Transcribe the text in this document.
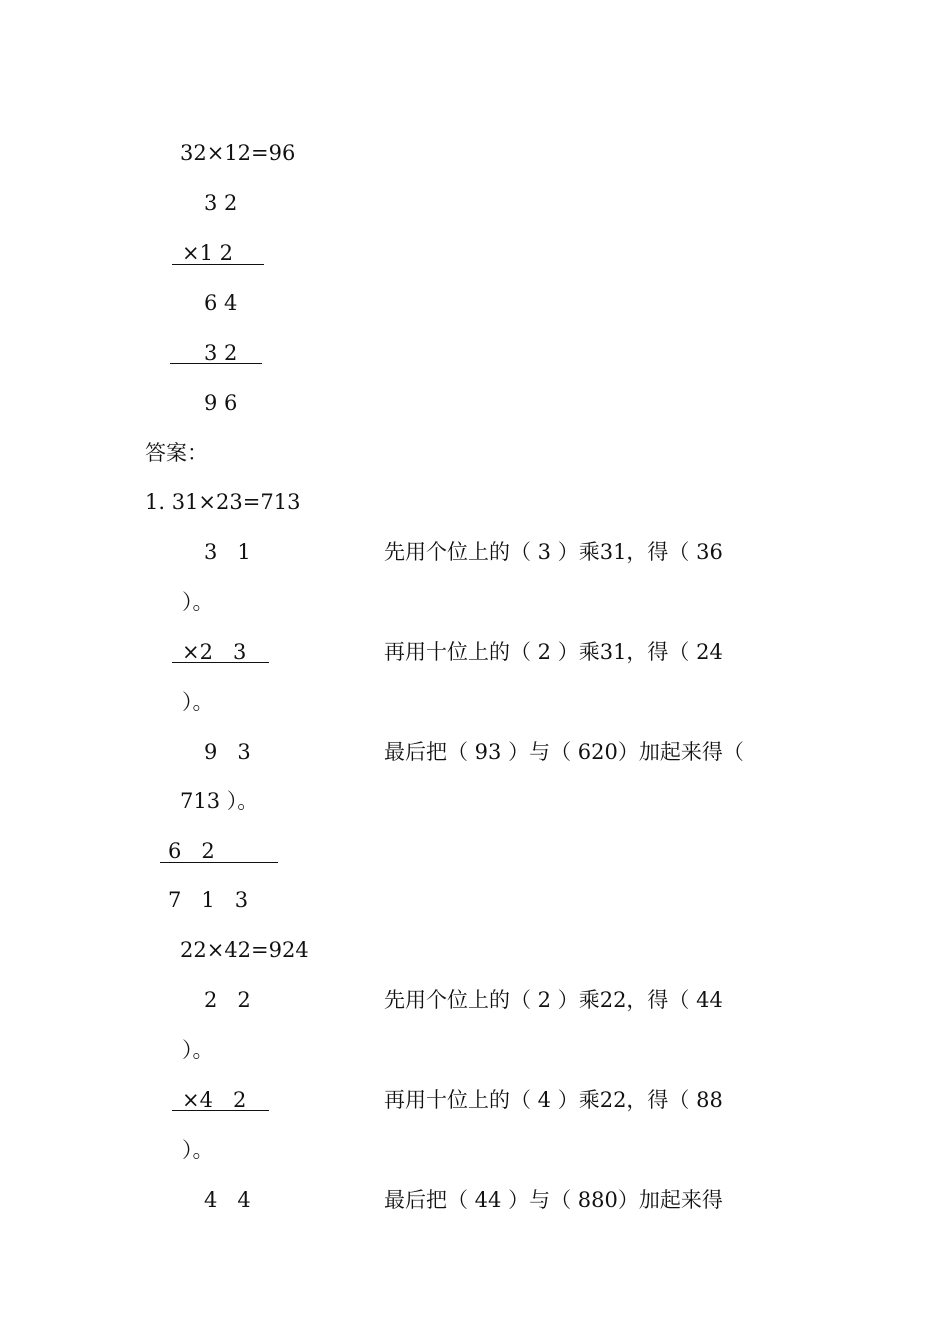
32×12=96
3 2
×1 2
6 4
3 2
9 6
答案：
1. 31×23=713
3   1	先用个位上的（ 3 ）乘31，得（ 36
）。
×2   3	再用十位上的（ 2 ）乘31，得（ 24
）。
9   3	最后把（ 93 ）与（ 620）加起来得（
713 ）。
6   2
7   1   3
22×42=924
2   2	先用个位上的（ 2 ）乘22，得（ 44
）。
×4   2	再用十位上的（ 4 ）乘22，得（ 88
）。
4   4	最后把（ 44 ）与（ 880）加起来得
